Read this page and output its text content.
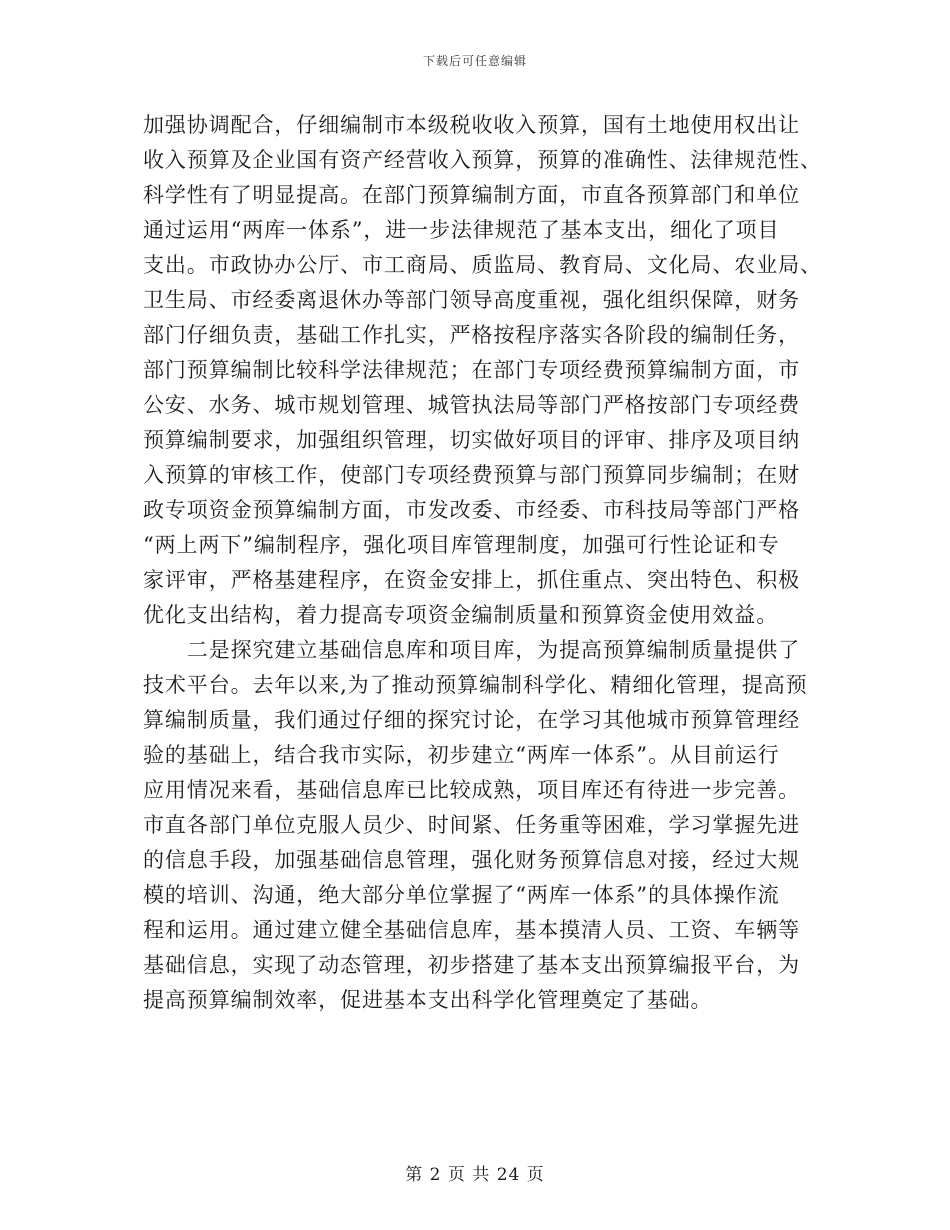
下载后可任意编辑
加强协调配合，仔细编制市本级税收收入预算，国有土地使用权出让
收入预算及企业国有资产经营收入预算，预算的准确性、法律规范性、
科学性有了明显提高。在部门预算编制方面，市直各预算部门和单位
通过运用“两库一体系”，进一步法律规范了基本支出，细化了项目
支出。市政协办公厅、市工商局、质监局、教育局、文化局、农业局、
卫生局、市经委离退休办等部门领导高度重视，强化组织保障，财务
部门仔细负责，基础工作扎实，严格按程序落实各阶段的编制任务，
部门预算编制比较科学法律规范；在部门专项经费预算编制方面，市
公安、水务、城市规划管理、城管执法局等部门严格按部门专项经费
预算编制要求，加强组织管理，切实做好项目的评审、排序及项目纳
入预算的审核工作，使部门专项经费预算与部门预算同步编制；在财
政专项资金预算编制方面，市发改委、市经委、市科技局等部门严格
“两上两下”编制程序，强化项目库管理制度，加强可行性论证和专
家评审，严格基建程序，在资金安排上，抓住重点、突出特色、积极
优化支出结构，着力提高专项资金编制质量和预算资金使用效益。
　　二是探究建立基础信息库和项目库，为提高预算编制质量提供了
技术平台。去年以来,为了推动预算编制科学化、精细化管理，提高预
算编制质量，我们通过仔细的探究讨论，在学习其他城市预算管理经
验的基础上，结合我市实际，初步建立“两库一体系”。从目前运行
应用情况来看，基础信息库已比较成熟，项目库还有待进一步完善。
市直各部门单位克服人员少、时间紧、任务重等困难，学习掌握先进
的信息手段，加强基础信息管理，强化财务预算信息对接，经过大规
模的培训、沟通，绝大部分单位掌握了“两库一体系”的具体操作流
程和运用。通过建立健全基础信息库，基本摸清人员、工资、车辆等
基础信息，实现了动态管理，初步搭建了基本支出预算编报平台，为
提高预算编制效率，促进基本支出科学化管理奠定了基础。
第 2 页 共 24 页
